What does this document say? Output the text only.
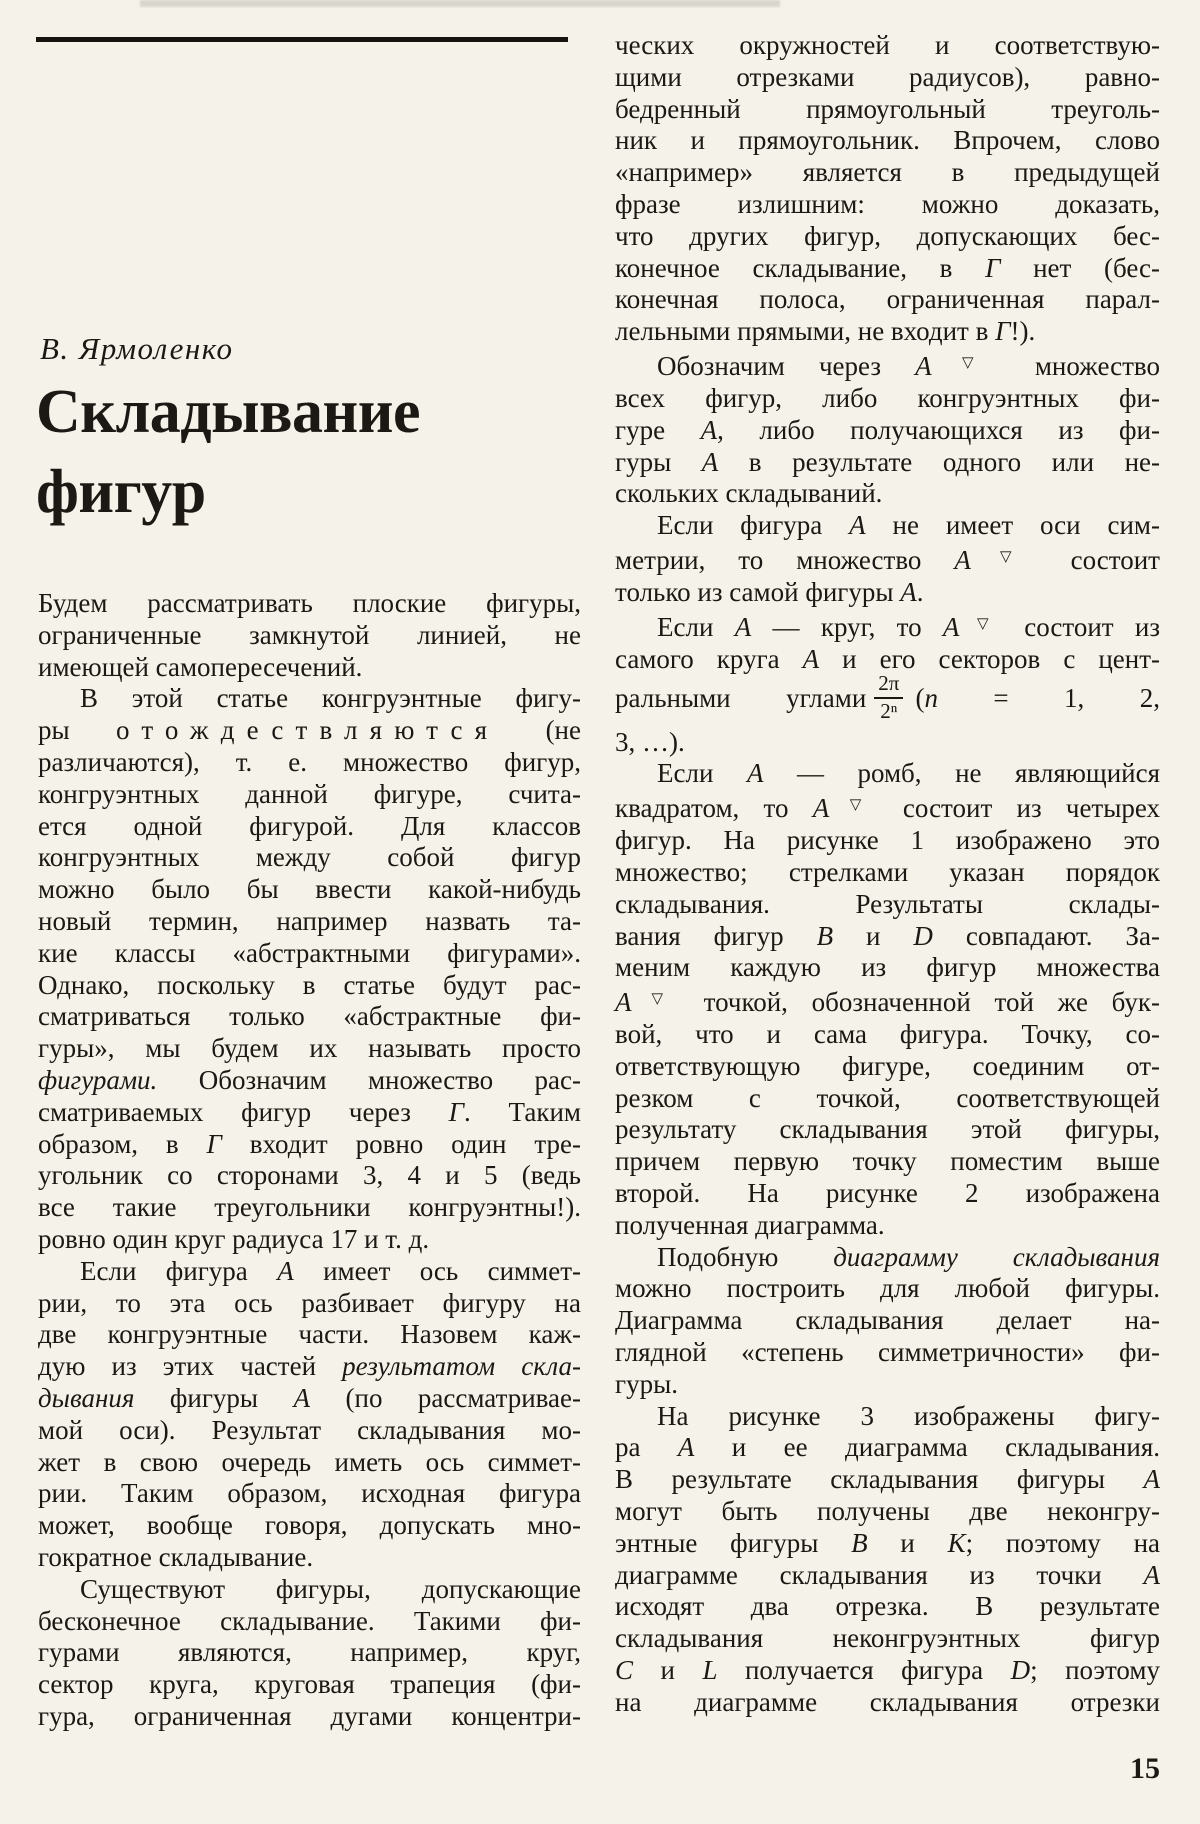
В. Ярмоленко
Складывание
фигур
Будем рассматривать плоские фигуры,
ограниченные замкнутой линией, не
имеющей самопересечений.
В этой статье конгруэнтные фигу-
ры отождествляются (не
различаются), т. е. множество фигур,
конгруэнтных данной фигуре, счита-
ется одной фигурой. Для классов
конгруэнтных между собой фигур
можно было бы ввести какой-нибудь
новый термин, например назвать та-
кие классы «абстрактными фигурами».
Однако, поскольку в статье будут рас-
сматриваться только «абстрактные фи-
гуры», мы будем их называть просто
фигурами. Обозначим множество рас-
сматриваемых фигур через Г. Таким
образом, в Г входит ровно один тре-
угольник со сторонами 3, 4 и 5 (ведь
все такие треугольники конгруэнтны!).
ровно один круг радиуса 17 и т. д.
Если фигура A имеет ось симмет-
рии, то эта ось разбивает фигуру на
две конгруэнтные части. Назовем каж-
дую из этих частей результатом скла-
дывания фигуры A (по рассматривае-
мой оси). Результат складывания мо-
жет в свою очередь иметь ось симмет-
рии. Таким образом, исходная фигура
может, вообще говоря, допускать мно-
гократное складывание.
Существуют фигуры, допускающие
бесконечное складывание. Такими фи-
гурами являются, например, круг,
сектор круга, круговая трапеция (фи-
гура, ограниченная дугами концентри-
ческих окружностей и соответствую-
щими отрезками радиусов), равно-
бедренный прямоугольный треуголь-
ник и прямоугольник. Впрочем, слово
«например» является в предыдущей
фразе излишним: можно доказать,
что других фигур, допускающих бес-
конечное складывание, в Г нет (бес-
конечная полоса, ограниченная парал-
лельными прямыми, не входит в Г!).
Обозначим через A ▽ множество
всех фигур, либо конгруэнтных фи-
гуре A, либо получающихся из фи-
гуры A в результате одного или не-
скольких складываний.
Если фигура A не имеет оси сим-
метрии, то множество A ▽ состоит
только из самой фигуры A.
Если A — круг, то A ▽ состоит из
самого круга A и его секторов с цент-
ральными углами $\frac{2\pi}{\text{2ⁿ}} (n = 1$, 2,
3, …).
Если A — ромб, не являющийся
квадратом, то A ▽ состоит из четырех
фигур. На рисунке 1 изображено это
множество; стрелками указан порядок
складывания. Результаты склады-
вания фигур B и D совпадают. За-
меним каждую из фигур множества
A ▽ точкой, обозначенной той же бук-
вой, что и сама фигура. Точку, со-
ответствующую фигуре, соединим от-
резком с точкой, соответствующей
результату складывания этой фигуры,
причем первую точку поместим выше
второй. На рисунке 2 изображена
полученная диаграмма.
Подобную диаграмму складывания
можно построить для любой фигуры.
Диаграмма складывания делает на-
глядной «степень симметричности» фи-
гуры.
На рисунке 3 изображены фигу-
ра A и ее диаграмма складывания.
В результате складывания фигуры A
могут быть получены две неконгру-
энтные фигуры B и K; поэтому на
диаграмме складывания из точки A
исходят два отрезка. В результате
складывания неконгруэнтных фигур
C и L получается фигура D; поэтому
на диаграмме складывания отрезки
15
